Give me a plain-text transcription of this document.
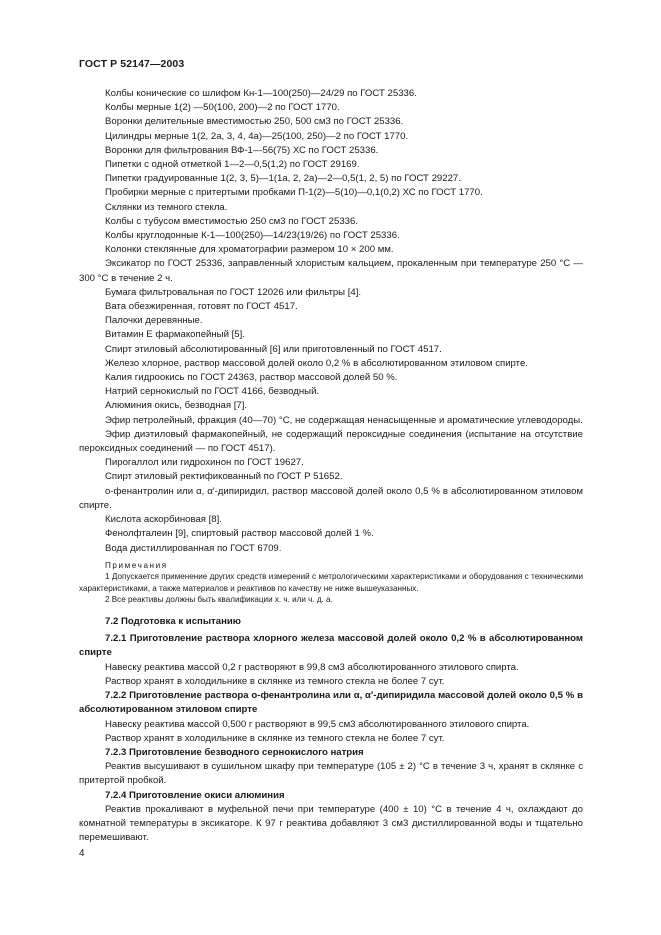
ГОСТ Р 52147—2003
Колбы конические со шлифом Кн-1—100(250)—24/29 по ГОСТ 25336.
Колбы мерные 1(2) —50(100, 200)—2 по ГОСТ 1770.
Воронки делительные вместимостью 250, 500 см3 по ГОСТ 25336.
Цилиндры мерные 1(2, 2а, 3, 4, 4а)—25(100, 250)—2 по ГОСТ 1770.
Воронки для фильтрования ВФ-1—56(75) ХС по ГОСТ 25336.
Пипетки с одной отметкой 1—2—0,5(1,2) по ГОСТ 29169.
Пипетки градуированные 1(2, 3, 5)—1(1а, 2, 2а)—2—0,5(1, 2, 5) по ГОСТ 29227.
Пробирки мерные с притертыми пробками П-1(2)—5(10)—0,1(0,2) ХС по ГОСТ 1770.
Склянки из темного стекла.
Колбы с тубусом вместимостью 250 см3 по ГОСТ 25336.
Колбы круглодонные К-1—100(250)—14/23(19/26) по ГОСТ 25336.
Колонки стеклянные для хроматографии размером 10 × 200 мм.
Эксикатор по ГОСТ 25336, заправленный хлористым кальцием, прокаленным при температуре 250 °С — 300 °С в течение 2 ч.
Бумага фильтровальная по ГОСТ 12026 или фильтры [4].
Вата обезжиренная, готовят по ГОСТ 4517.
Палочки деревянные.
Витамин Е фармакопейный [5].
Спирт этиловый абсолютированный [6] или приготовленный по ГОСТ 4517.
Железо хлорное, раствор массовой долей около 0,2 % в абсолютированном этиловом спирте.
Калия гидроокись по ГОСТ 24363, раствор массовой долей 50 %.
Натрий сернокислый по ГОСТ 4166, безводный.
Алюминия окись, безводная [7].
Эфир петролейный, фракция (40—70) °С, не содержащая ненасыщенные и ароматические углеводороды.
Эфир диэтиловый фармакопейный, не содержащий пероксидные соединения (испытание на отсутствие пероксидных соединений — по ГОСТ 4517).
Пирогаллол или гидрохинон по ГОСТ 19627.
Спирт этиловый ректификованный по ГОСТ Р 51652.
о-фенантролин или α, α′-дипиридил, раствор массовой долей около 0,5 % в абсолютированном этиловом спирте.
Кислота аскорбиновая [8].
Фенолфталеин [9], спиртовый раствор массовой долей 1 %.
Вода дистиллированная по ГОСТ 6709.
Примечания
1 Допускается применение других средств измерений с метрологическими характеристиками и оборудования с техническими характеристиками, а также материалов и реактивов по качеству не ниже вышеуказанных.
2 Все реактивы должны быть квалификации х. ч. или ч. д. а.
7.2 Подготовка к испытанию
7.2.1 Приготовление раствора хлорного железа массовой долей около 0,2 % в абсолютированном спирте
Навеску реактива массой 0,2 г растворяют в 99,8 см3 абсолютированного этилового спирта.
Раствор хранят в холодильнике в склянке из темного стекла не более 7 сут.
7.2.2 Приготовление раствора о-фенантролина или α, α′-дипиридила массовой долей около 0,5 % в абсолютированном этиловом спирте
Навеску реактива массой 0,500 г растворяют в 99,5 см3 абсолютированного этилового спирта.
Раствор хранят в холодильнике в склянке из темного стекла не более 7 сут.
7.2.3 Приготовление безводного сернокислого натрия
Реактив высушивают в сушильном шкафу при температуре (105 ± 2) °С в течение 3 ч, хранят в склянке с притертой пробкой.
7.2.4 Приготовление окиси алюминия
Реактив прокаливают в муфельной печи при температуре (400 ± 10) °С в течение 4 ч, охлаждают до комнатной температуры в эксикаторе. К 97 г реактива добавляют 3 см3 дистиллированной воды и тщательно перемешивают.
4
